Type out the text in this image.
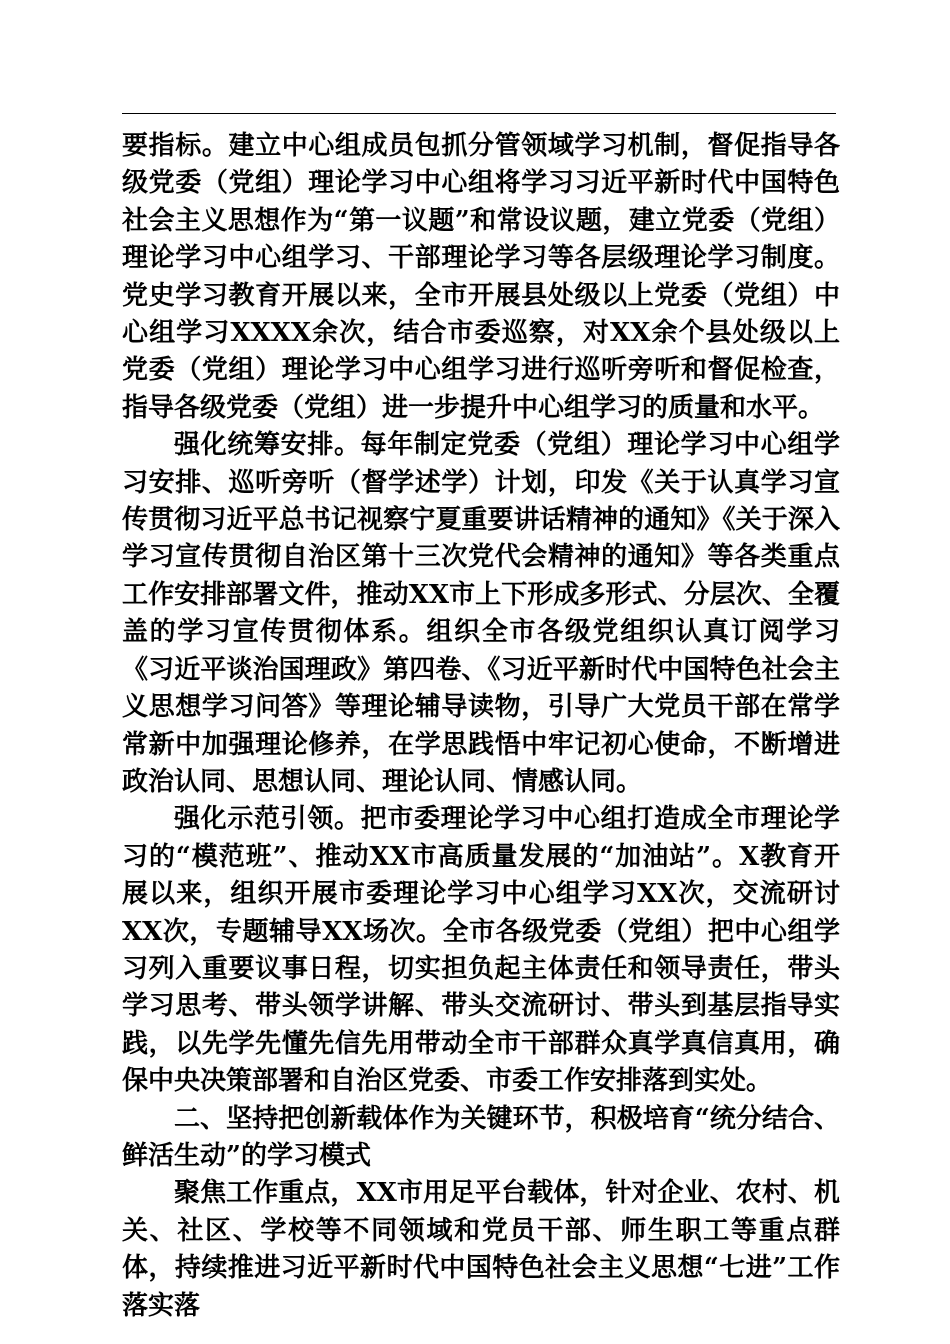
要指标。建立中心组成员包抓分管领域学习机制，督促指导各级党委（党组）理论学习中心组将学习习近平新时代中国特色社会主义思想作为“第一议题”和常设议题，建立党委（党组）理论学习中心组学习、干部理论学习等各层级理论学习制度。党史学习教育开展以来，全市开展县处级以上党委（党组）中心组学习XXXX余次，结合市委巡察，对XX余个县处级以上党委（党组）理论学习中心组学习进行巡听旁听和督促检查，指导各级党委（党组）进一步提升中心组学习的质量和水平。

强化统筹安排。每年制定党委（党组）理论学习中心组学习安排、巡听旁听（督学述学）计划，印发《关于认真学习宣传贯彻习近平总书记视察宁夏重要讲话精神的通知》《关于深入学习宣传贯彻自治区第十三次党代会精神的通知》等各类重点工作安排部署文件，推动XX市上下形成多形式、分层次、全覆盖的学习宣传贯彻体系。组织全市各级党组织认真订阅学习《习近平谈治国理政》第四卷、《习近平新时代中国特色社会主义思想学习问答》等理论辅导读物，引导广大党员干部在常学常新中加强理论修养，在学思践悟中牢记初心使命，不断增进政治认同、思想认同、理论认同、情感认同。

强化示范引领。把市委理论学习中心组打造成全市理论学习的“模范班”、推动XX市高质量发展的“加油站”。X教育开展以来，组织开展市委理论学习中心组学习XX次，交流研讨XX次，专题辅导XX场次。全市各级党委（党组）把中心组学习列入重要议事日程，切实担负起主体责任和领导责任，带头学习思考、带头领学讲解、带头交流研讨、带头到基层指导实践，以先学先懂先信先用带动全市干部群众真学真信真用，确保中央决策部署和自治区党委、市委工作安排落到实处。

二、坚持把创新载体作为关键环节，积极培育“统分结合、鲜活生动”的学习模式

聚焦工作重点，XX市用足平台载体，针对企业、农村、机关、社区、学校等不同领域和党员干部、师生职工等重点群体，持续推进习近平新时代中国特色社会主义思想“七进”工作落实落
